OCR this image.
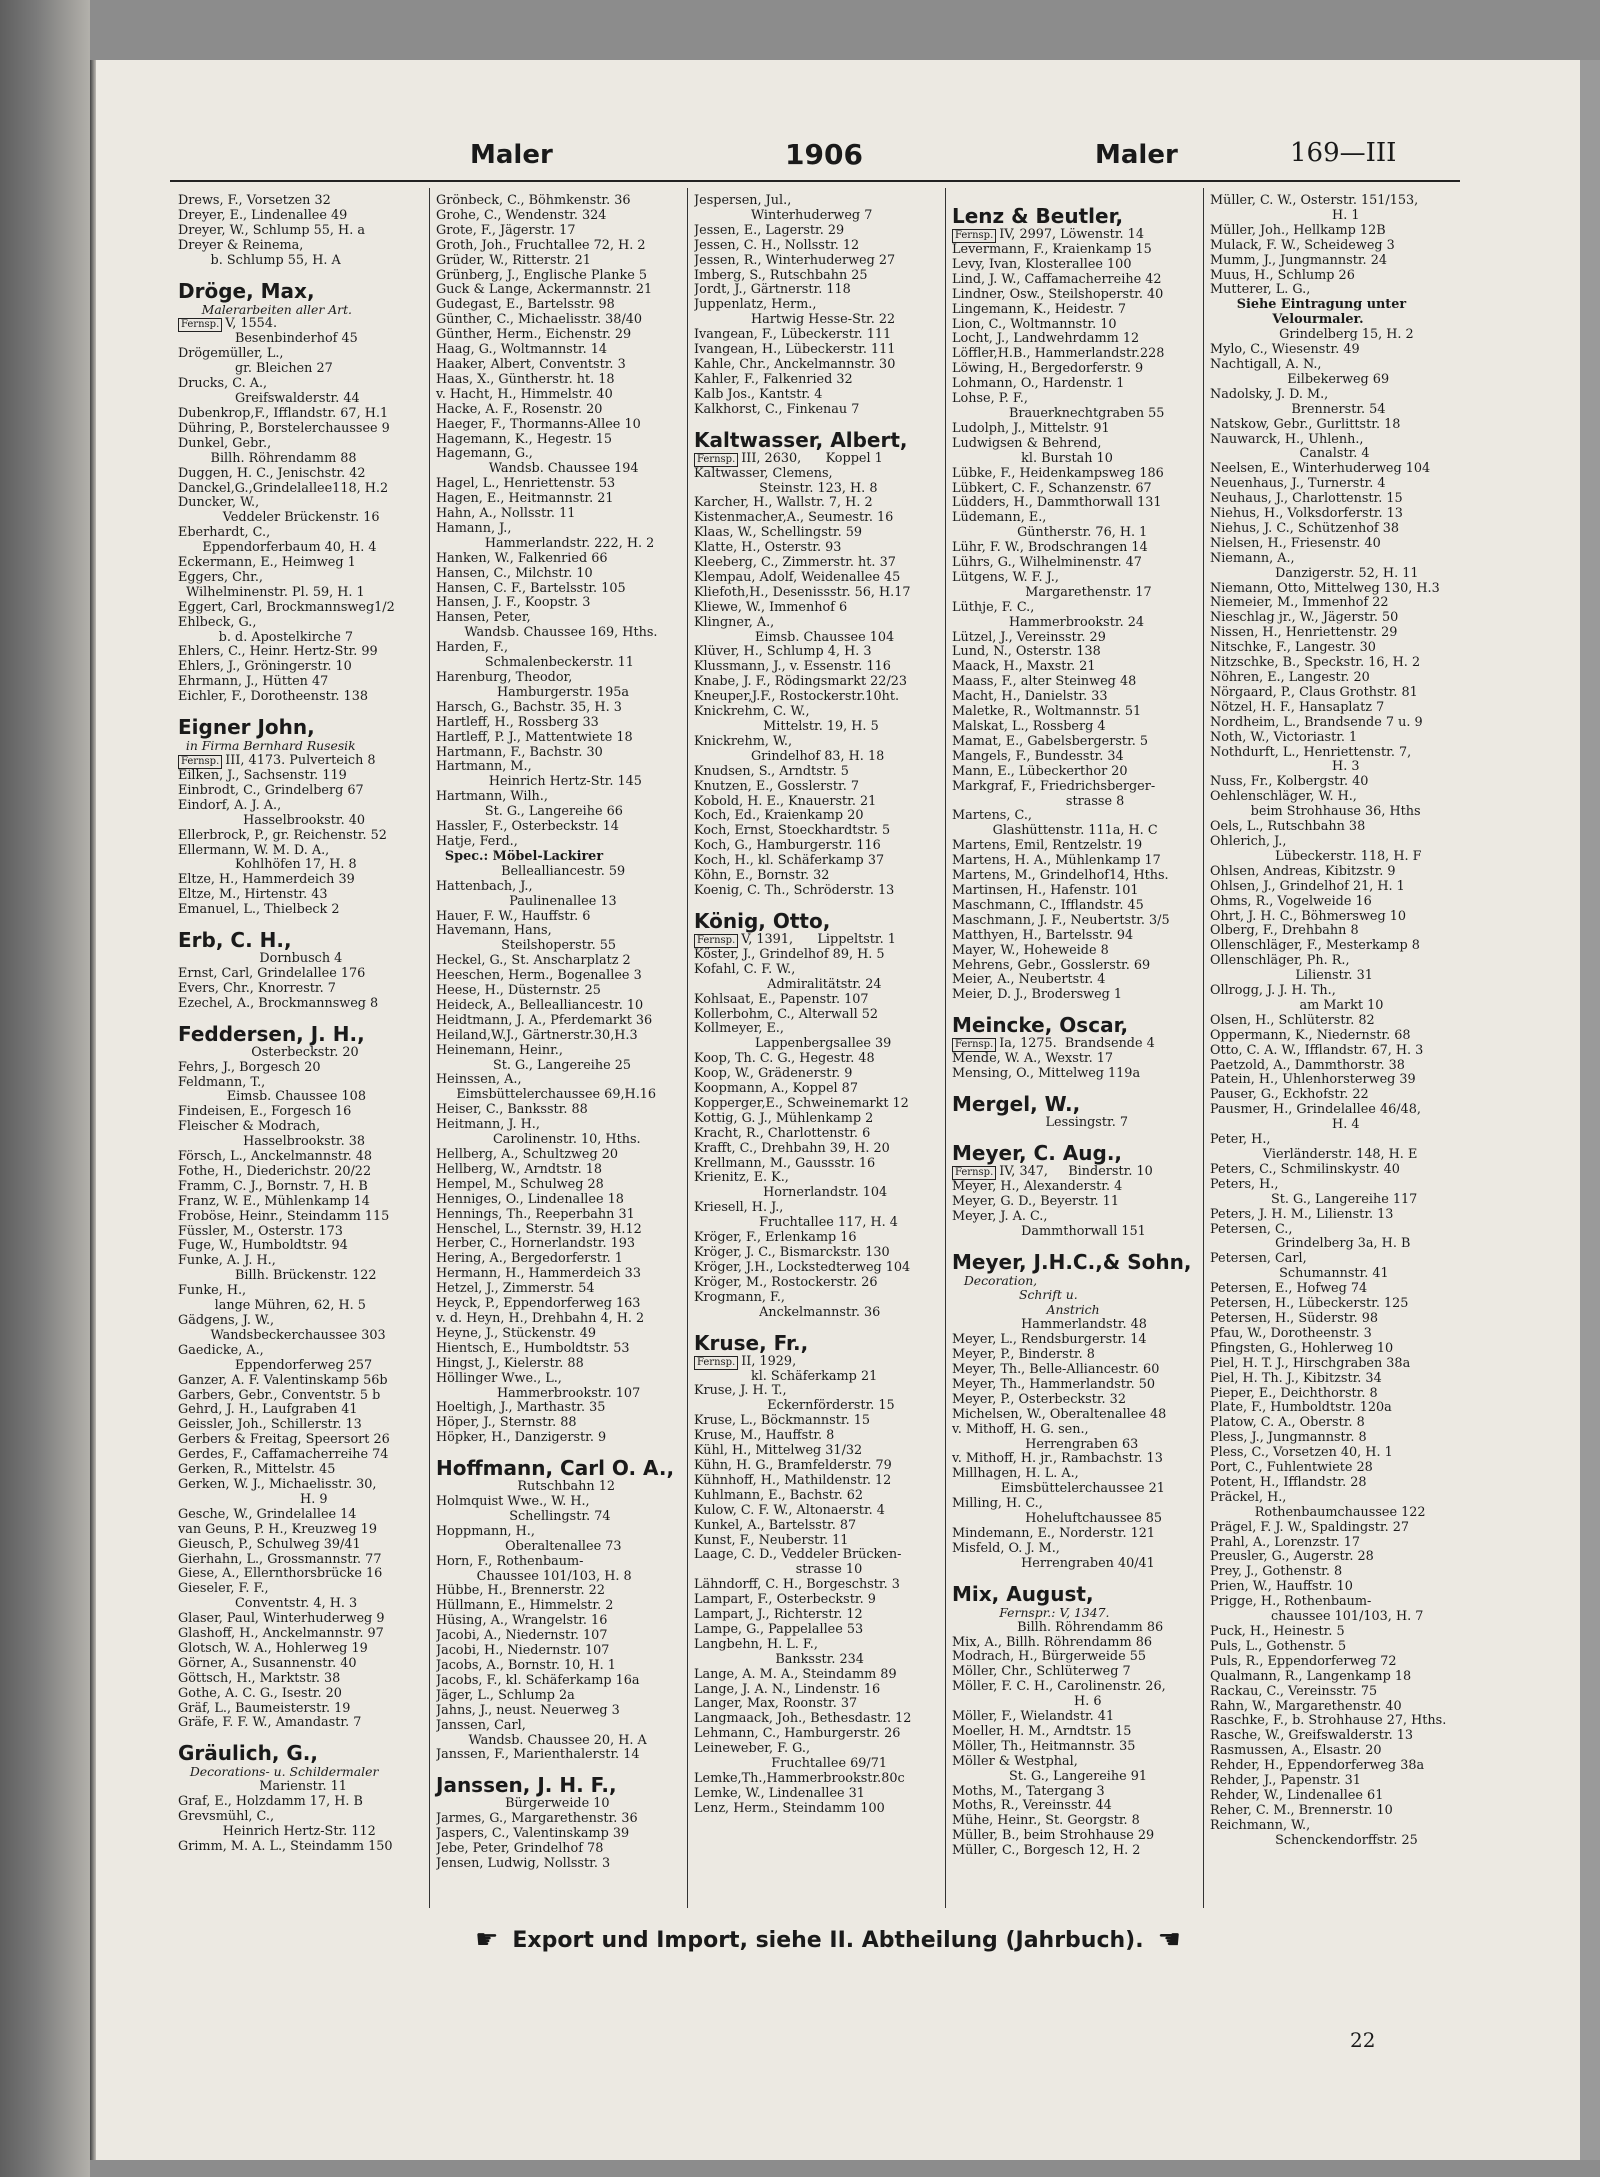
Maler	1906	Maler	169—III
Drews, F., Vorsetzen 32
Dreyer, E., Lindenallee 49
Dreyer, W., Schlump 55, H. a
Dreyer & Reinema,
b. Schlump 55, H. A
Dröge, Max,
Malerarbeiten aller Art.
Fernsp. V, 1554.
Besenbinderhof 45
Drögemüller, L.,
gr. Bleichen 27
Drucks, C. A.,
Greifswalderstr. 44
Dubenkrop,F., Ifflandstr. 67, H.1
Dühring, P., Borstelerchaussee 9
Dunkel, Gebr.,
Billh. Röhrendamm 88
Duggen, H. C., Jenischstr. 42
Danckel,G.,Grindelallee118, H.2
Duncker, W.,
Veddeler Brückenstr. 16
Eberhardt, C.,
Eppendorferbaum 40, H. 4
Eckermann, E., Heimweg 1
Eggers, Chr.,
Wilhelminenstr. Pl. 59, H. 1
Eggert, Carl, Brockmannsweg1/2
Ehlbeck, G.,
b. d. Apostelkirche 7
Ehlers, C., Heinr. Hertz-Str. 99
Ehlers, J., Gröningerstr. 10
Ehrmann, J., Hütten 47
Eichler, F., Dorotheenstr. 138
Eigner John,
in Firma Bernhard Rusesik
Fernsp. III, 4173. Pulverteich 8
Eilken, J., Sachsenstr. 119
Einbrodt, C., Grindelberg 67
Eindorf, A. J. A.,
Hasselbrookstr. 40
Ellerbrock, P., gr. Reichenstr. 52
Ellermann, W. M. D. A.,
Kohlhöfen 17, H. 8
Eltze, H., Hammerdeich 39
Eltze, M., Hirtenstr. 43
Emanuel, L., Thielbeck 2
Erb, C. H.,
Dornbusch 4
Ernst, Carl, Grindelallee 176
Evers, Chr., Knorrestr. 7
Ezechel, A., Brockmannsweg 8
Feddersen, J. H.,
Osterbeckstr. 20
Fehrs, J., Borgesch 20
Feldmann, T.,
Eimsb. Chaussee 108
Findeisen, E., Forgesch 16
Fleischer & Modrach,
Hasselbrookstr. 38
Försch, L., Anckelmannstr. 48
Fothe, H., Diederichstr. 20/22
Framm, C. J., Bornstr. 7, H. B
Franz, W. E., Mühlenkamp 14
Froböse, Heinr., Steindamm 115
Füssler, M., Osterstr. 173
Fuge, W., Humboldtstr. 94
Funke, A. J. H.,
Billh. Brückenstr. 122
Funke, H.,
lange Mühren, 62, H. 5
Gädgens, J. W.,
Wandsbeckerchaussee 303
Gaedicke, A.,
Eppendorferweg 257
Ganzer, A. F. Valentinskamp 56b
Garbers, Gebr., Conventstr. 5 b
Gehrd, J. H., Laufgraben 41
Geissler, Joh., Schillerstr. 13
Gerbers & Freitag, Speersort 26
Gerdes, F., Caffamacherreihe 74
Gerken, R., Mittelstr. 45
Gerken, W. J., Michaelisstr. 30,
H. 9
Gesche, W., Grindelallee 14
van Geuns, P. H., Kreuzweg 19
Gieusch, P., Schulweg 39/41
Gierhahn, L., Grossmannstr. 77
Giese, A., Ellernthorsbrücke 16
Gieseler, F. F.,
Conventstr. 4, H. 3
Glaser, Paul, Winterhuderweg 9
Glashoff, H., Anckelmannstr. 97
Glotsch, W. A., Hohlerweg 19
Görner, A., Susannenstr. 40
Göttsch, H., Marktstr. 38
Gothe, A. C. G., Isestr. 20
Gräf, L., Baumeisterstr. 19
Gräfe, F. F. W., Amandastr. 7
Gräulich, G.,
Decorations- u. Schildermaler
Marienstr. 11
Graf, E., Holzdamm 17, H. B
Grevsmühl, C.,
Heinrich Hertz-Str. 112
Grimm, M. A. L., Steindamm 150
Grönbeck, C., Böhmkenstr. 36
Grohe, C., Wendenstr. 324
Grote, F., Jägerstr. 17
Groth, Joh., Fruchtallee 72, H. 2
Grüder, W., Ritterstr. 21
Grünberg, J., Englische Planke 5
Guck & Lange, Ackermannstr. 21
Gudegast, E., Bartelsstr. 98
Günther, C., Michaelisstr. 38/40
Günther, Herm., Eichenstr. 29
Haag, G., Woltmannstr. 14
Haaker, Albert, Conventstr. 3
Haas, X., Güntherstr. ht. 18
v. Hacht, H., Himmelstr. 40
Hacke, A. F., Rosenstr. 20
Haeger, F., Thormanns-Allee 10
Hagemann, K., Hegestr. 15
Hagemann, G.,
Wandsb. Chaussee 194
Hagel, L., Henriettenstr. 53
Hagen, E., Heitmannstr. 21
Hahn, A., Nollsstr. 11
Hamann, J.,
Hammerlandstr. 222, H. 2
Hanken, W., Falkenried 66
Hansen, C., Milchstr. 10
Hansen, C. F., Bartelsstr. 105
Hansen, J. F., Koopstr. 3
Hansen, Peter,
Wandsb. Chaussee 169, Hths.
Harden, F.,
Schmalenbeckerstr. 11
Harenburg, Theodor,
Hamburgerstr. 195a
Harsch, G., Bachstr. 35, H. 3
Hartleff, H., Rossberg 33
Hartleff, P. J., Mattentwiete 18
Hartmann, F., Bachstr. 30
Hartmann, M.,
Heinrich Hertz-Str. 145
Hartmann, Wilh.,
St. G., Langereihe 66
Hassler, F., Osterbeckstr. 14
Hatje, Ferd.,
Spec.: Möbel-Lackirer
Bellealliancestr. 59
Hattenbach, J.,
Paulinenallee 13
Hauer, F. W., Hauffstr. 6
Havemann, Hans,
Steilshoperstr. 55
Heckel, G., St. Anscharplatz 2
Heeschen, Herm., Bogenallee 3
Heese, H., Düsternstr. 25
Heideck, A., Bellealliancestr. 10
Heidtmann, J. A., Pferdemarkt 36
Heiland,W.J., Gärtnerstr.30,H.3
Heinemann, Heinr.,
St. G., Langereihe 25
Heinssen, A.,
Eimsbüttelerchaussee 69,H.16
Heiser, C., Banksstr. 88
Heitmann, J. H.,
Carolinenstr. 10, Hths.
Hellberg, A., Schultzweg 20
Hellberg, W., Arndtstr. 18
Hempel, M., Schulweg 28
Henniges, O., Lindenallee 18
Hennings, Th., Reeperbahn 31
Henschel, L., Sternstr. 39, H.12
Herber, C., Hornerlandstr. 193
Hering, A., Bergedorferstr. 1
Hermann, H., Hammerdeich 33
Hetzel, J., Zimmerstr. 54
Heyck, P., Eppendorferweg 163
v. d. Heyn, H., Drehbahn 4, H. 2
Heyne, J., Stückenstr. 49
Hientsch, E., Humboldtstr. 53
Hingst, J., Kielerstr. 88
Höllinger Wwe., L.,
Hammerbrookstr. 107
Hoeltigh, J., Marthastr. 35
Höper, J., Sternstr. 88
Höpker, H., Danzigerstr. 9
Hoffmann, Carl O. A.,
Rutschbahn 12
Holmquist Wwe., W. H.,
Schellingstr. 74
Hoppmann, H.,
Oberaltenallee 73
Horn, F., Rothenbaum-
Chaussee 101/103, H. 8
Hübbe, H., Brennerstr. 22
Hüllmann, E., Himmelstr. 2
Hüsing, A., Wrangelstr. 16
Jacobi, A., Niedernstr. 107
Jacobi, H., Niedernstr. 107
Jacobs, A., Bornstr. 10, H. 1
Jacobs, F., kl. Schäferkamp 16a
Jäger, L., Schlump 2a
Jahns, J., neust. Neuerweg 3
Janssen, Carl,
Wandsb. Chaussee 20, H. A
Janssen, F., Marienthalerstr. 14
Janssen, J. H. F.,
Bürgerweide 10
Jarmes, G., Margarethenstr. 36
Jaspers, C., Valentinskamp 39
Jebe, Peter, Grindelhof 78
Jensen, Ludwig, Nollsstr. 3
Jespersen, Jul.,
Winterhuderweg 7
Jessen, E., Lagerstr. 29
Jessen, C. H., Nollsstr. 12
Jessen, R., Winterhuderweg 27
Imberg, S., Rutschbahn 25
Jordt, J., Gärtnerstr. 118
Juppenlatz, Herm.,
Hartwig Hesse-Str. 22
Ivangean, F., Lübeckerstr. 111
Ivangean, H., Lübeckerstr. 111
Kahle, Chr., Anckelmannstr. 30
Kahler, F., Falkenried 32
Kalb Jos., Kantstr. 4
Kalkhorst, C., Finkenau 7
Kaltwasser, Albert,
Fernsp. III, 2630,      Koppel 1
Kaltwasser, Clemens,
Steinstr. 123, H. 8
Karcher, H., Wallstr. 7, H. 2
Kistenmacher,A., Seumestr. 16
Klaas, W., Schellingstr. 59
Klatte, H., Osterstr. 93
Kleeberg, C., Zimmerstr. ht. 37
Klempau, Adolf, Weidenallee 45
Kliefoth,H., Desenissstr. 56, H.17
Kliewe, W., Immenhof 6
Klingner, A.,
Eimsb. Chaussee 104
Klüver, H., Schlump 4, H. 3
Klussmann, J., v. Essenstr. 116
Knabe, J. F., Rödingsmarkt 22/23
Kneuper,J.F., Rostockerstr.10ht.
Knickrehm, C. W.,
Mittelstr. 19, H. 5
Knickrehm, W.,
Grindelhof 83, H. 18
Knudsen, S., Arndtstr. 5
Knutzen, E., Gosslerstr. 7
Kobold, H. E., Knauerstr. 21
Koch, Ed., Kraienkamp 20
Koch, Ernst, Stoeckhardtstr. 5
Koch, G., Hamburgerstr. 116
Koch, H., kl. Schäferkamp 37
Köhn, E., Bornstr. 32
Koenig, C. Th., Schröderstr. 13
König, Otto,
Fernsp. V, 1391,      Lippeltstr. 1
Köster, J., Grindelhof 89, H. 5
Kofahl, C. F. W.,
Admiralitätstr. 24
Kohlsaat, E., Papenstr. 107
Kollerbohm, C., Alterwall 52
Kollmeyer, E.,
Lappenbergsallee 39
Koop, Th. C. G., Hegestr. 48
Koop, W., Grädenerstr. 9
Koopmann, A., Koppel 87
Kopperger,E., Schweinemarkt 12
Kottig, G. J., Mühlenkamp 2
Kracht, R., Charlottenstr. 6
Krafft, C., Drehbahn 39, H. 20
Krellmann, M., Gaussstr. 16
Krienitz, E. K.,
Hornerlandstr. 104
Kriesell, H. J.,
Fruchtallee 117, H. 4
Kröger, F., Erlenkamp 16
Kröger, J. C., Bismarckstr. 130
Kröger, J.H., Lockstedterweg 104
Kröger, M., Rostockerstr. 26
Krogmann, F.,
Anckelmannstr. 36
Kruse, Fr.,
Fernsp. II, 1929,
kl. Schäferkamp 21
Kruse, J. H. T.,
Eckernförderstr. 15
Kruse, L., Böckmannstr. 15
Kruse, M., Hauffstr. 8
Kühl, H., Mittelweg 31/32
Kühn, H. G., Bramfelderstr. 79
Kühnhoff, H., Mathildenstr. 12
Kuhlmann, E., Bachstr. 62
Kulow, C. F. W., Altonaerstr. 4
Kunkel, A., Bartelsstr. 87
Kunst, F., Neuberstr. 11
Laage, C. D., Veddeler Brücken-
strasse 10
Lähndorff, C. H., Borgeschstr. 3
Lampart, F., Osterbeckstr. 9
Lampart, J., Richterstr. 12
Lampe, G., Pappelallee 53
Langbehn, H. L. F.,
Banksstr. 234
Lange, A. M. A., Steindamm 89
Lange, J. A. N., Lindenstr. 16
Langer, Max, Roonstr. 37
Langmaack, Joh., Bethesdastr. 12
Lehmann, C., Hamburgerstr. 26
Leineweber, F. G.,
Fruchtallee 69/71
Lemke,Th.,Hammerbrookstr.80c
Lemke, W., Lindenallee 31
Lenz, Herm., Steindamm 100
Lenz & Beutler,
Fernsp. IV, 2997, Löwenstr. 14
Levermann, F., Kraienkamp 15
Levy, Ivan, Klosterallee 100
Lind, J. W., Caffamacherreihe 42
Lindner, Osw., Steilshoperstr. 40
Lingemann, K., Heidestr. 7
Lion, C., Woltmannstr. 10
Locht, J., Landwehrdamm 12
Löffler,H.B., Hammerlandstr.228
Löwing, H., Bergedorferstr. 9
Lohmann, O., Hardenstr. 1
Lohse, P. F.,
Brauerknechtgraben 55
Ludolph, J., Mittelstr. 91
Ludwigsen & Behrend,
kl. Burstah 10
Lübke, F., Heidenkampsweg 186
Lübkert, C. F., Schanzenstr. 67
Lüdders, H., Dammthorwall 131
Lüdemann, E.,
Güntherstr. 76, H. 1
Lühr, F. W., Brodschrangen 14
Lührs, G., Wilhelminenstr. 47
Lütgens, W. F. J.,
Margarethenstr. 17
Lüthje, F. C.,
Hammerbrookstr. 24
Lützel, J., Vereinsstr. 29
Lund, N., Osterstr. 138
Maack, H., Maxstr. 21
Maass, F., alter Steinweg 48
Macht, H., Danielstr. 33
Maletke, R., Woltmannstr. 51
Malskat, L., Rossberg 4
Mamat, E., Gabelsbergerstr. 5
Mangels, F., Bundesstr. 34
Mann, E., Lübeckerthor 20
Markgraf, F., Friedrichsberger-
strasse 8
Martens, C.,
Glashüttenstr. 111a, H. C
Martens, Emil, Rentzelstr. 19
Martens, H. A., Mühlenkamp 17
Martens, M., Grindelhof14, Hths.
Martinsen, H., Hafenstr. 101
Maschmann, C., Ifflandstr. 45
Maschmann, J. F., Neubertstr. 3/5
Matthyen, H., Bartelsstr. 94
Mayer, W., Hoheweide 8
Mehrens, Gebr., Gosslerstr. 69
Meier, A., Neubertstr. 4
Meier, D. J., Brodersweg 1
Meincke, Oscar,
Fernsp. Ia, 1275.  Brandsende 4
Mende, W. A., Wexstr. 17
Mensing, O., Mittelweg 119a
Mergel, W.,
Lessingstr. 7
Meyer, C. Aug.,
Fernsp. IV, 347,     Binderstr. 10
Meyer, H., Alexanderstr. 4
Meyer, G. D., Beyerstr. 11
Meyer, J. A. C.,
Dammthorwall 151
Meyer, J.H.C.,& Sohn,
Decoration,
Schrift u.
Anstrich
Hammerlandstr. 48
Meyer, L., Rendsburgerstr. 14
Meyer, P., Binderstr. 8
Meyer, Th., Belle-Alliancestr. 60
Meyer, Th., Hammerlandstr. 50
Meyer, P., Osterbeckstr. 32
Michelsen, W., Oberaltenallee 48
v. Mithoff, H. G. sen.,
Herrengraben 63
v. Mithoff, H. jr., Rambachstr. 13
Millhagen, H. L. A.,
Eimsbüttelerchaussee 21
Milling, H. C.,
Hoheluftchaussee 85
Mindemann, E., Norderstr. 121
Misfeld, O. J. M.,
Herrengraben 40/41
Mix, August,
Fernspr.: V, 1347.
Billh. Röhrendamm 86
Mix, A., Billh. Röhrendamm 86
Modrach, H., Bürgerweide 55
Möller, Chr., Schlüterweg 7
Möller, F. C. H., Carolinenstr. 26,
H. 6
Möller, F., Wielandstr. 41
Moeller, H. M., Arndtstr. 15
Möller, Th., Heitmannstr. 35
Möller & Westphal,
St. G., Langereihe 91
Moths, M., Tatergang 3
Moths, R., Vereinsstr. 44
Mühe, Heinr., St. Georgstr. 8
Müller, B., beim Strohhause 29
Müller, C., Borgesch 12, H. 2
Müller, C. W., Osterstr. 151/153,
H. 1
Müller, Joh., Hellkamp 12B
Mulack, F. W., Scheideweg 3
Mumm, J., Jungmannstr. 24
Muus, H., Schlump 26
Mutterer, L. G.,
Siehe Eintragung unter
Velourmaler.
Grindelberg 15, H. 2
Mylo, C., Wiesenstr. 49
Nachtigall, A. N.,
Eilbekerweg 69
Nadolsky, J. D. M.,
Brennerstr. 54
Natskow, Gebr., Gurlittstr. 18
Nauwarck, H., Uhlenh.,
Canalstr. 4
Neelsen, E., Winterhuderweg 104
Neuenhaus, J., Turnerstr. 4
Neuhaus, J., Charlottenstr. 15
Niehus, H., Volksdorferstr. 13
Niehus, J. C., Schützenhof 38
Nielsen, H., Friesenstr. 40
Niemann, A.,
Danzigerstr. 52, H. 11
Niemann, Otto, Mittelweg 130, H.3
Niemeier, M., Immenhof 22
Nieschlag jr., W., Jägerstr. 50
Nissen, H., Henriettenstr. 29
Nitschke, F., Langestr. 30
Nitzschke, B., Speckstr. 16, H. 2
Nöhren, E., Langestr. 20
Nörgaard, P., Claus Grothstr. 81
Nötzel, H. F., Hansaplatz 7
Nordheim, L., Brandsende 7 u. 9
Noth, W., Victoriastr. 1
Nothdurft, L., Henriettenstr. 7,
H. 3
Nuss, Fr., Kolbergstr. 40
Oehlenschläger, W. H.,
beim Strohhause 36, Hths
Oels, L., Rutschbahn 38
Ohlerich, J.,
Lübeckerstr. 118, H. F
Ohlsen, Andreas, Kibitzstr. 9
Ohlsen, J., Grindelhof 21, H. 1
Ohms, R., Vogelweide 16
Ohrt, J. H. C., Böhmersweg 10
Olberg, F., Drehbahn 8
Ollenschläger, F., Mesterkamp 8
Ollenschläger, Ph. R.,
Lilienstr. 31
Ollrogg, J. J. H. Th.,
am Markt 10
Olsen, H., Schlüterstr. 82
Oppermann, K., Niedernstr. 68
Otto, C. A. W., Ifflandstr. 67, H. 3
Paetzold, A., Dammthorstr. 38
Patein, H., Uhlenhorsterweg 39
Pauser, G., Eckhofstr. 22
Pausmer, H., Grindelallee 46/48,
H. 4
Peter, H.,
Vierländerstr. 148, H. E
Peters, C., Schmilinskystr. 40
Peters, H.,
St. G., Langereihe 117
Peters, J. H. M., Lilienstr. 13
Petersen, C.,
Grindelberg 3a, H. B
Petersen, Carl,
Schumannstr. 41
Petersen, E., Hofweg 74
Petersen, H., Lübeckerstr. 125
Petersen, H., Süderstr. 98
Pfau, W., Dorotheenstr. 3
Pfingsten, G., Hohlerweg 10
Piel, H. T. J., Hirschgraben 38a
Piel, H. Th. J., Kibitzstr. 34
Pieper, E., Deichthorstr. 8
Plate, F., Humboldtstr. 120a
Platow, C. A., Oberstr. 8
Pless, J., Jungmannstr. 8
Pless, C., Vorsetzen 40, H. 1
Port, C., Fuhlentwiete 28
Potent, H., Ifflandstr. 28
Präckel, H.,
Rothenbaumchaussee 122
Prägel, F. J. W., Spaldingstr. 27
Prahl, A., Lorenzstr. 17
Preusler, G., Augerstr. 28
Prey, J., Gothenstr. 8
Prien, W., Hauffstr. 10
Prigge, H., Rothenbaum-
chaussee 101/103, H. 7
Puck, H., Heinestr. 5
Puls, L., Gothenstr. 5
Puls, R., Eppendorferweg 72
Qualmann, R., Langenkamp 18
Rackau, C., Vereinsstr. 75
Rahn, W., Margarethenstr. 40
Raschke, F., b. Strohhause 27, Hths.
Rasche, W., Greifswalderstr. 13
Rasmussen, A., Elsastr. 20
Rehder, H., Eppendorferweg 38a
Rehder, J., Papenstr. 31
Rehder, W., Lindenallee 61
Reher, C. M., Brennerstr. 10
Reichmann, W.,
Schenckendorffstr. 25
☛ Export und Import, siehe II. Abtheilung (Jahrbuch). ☚
22
